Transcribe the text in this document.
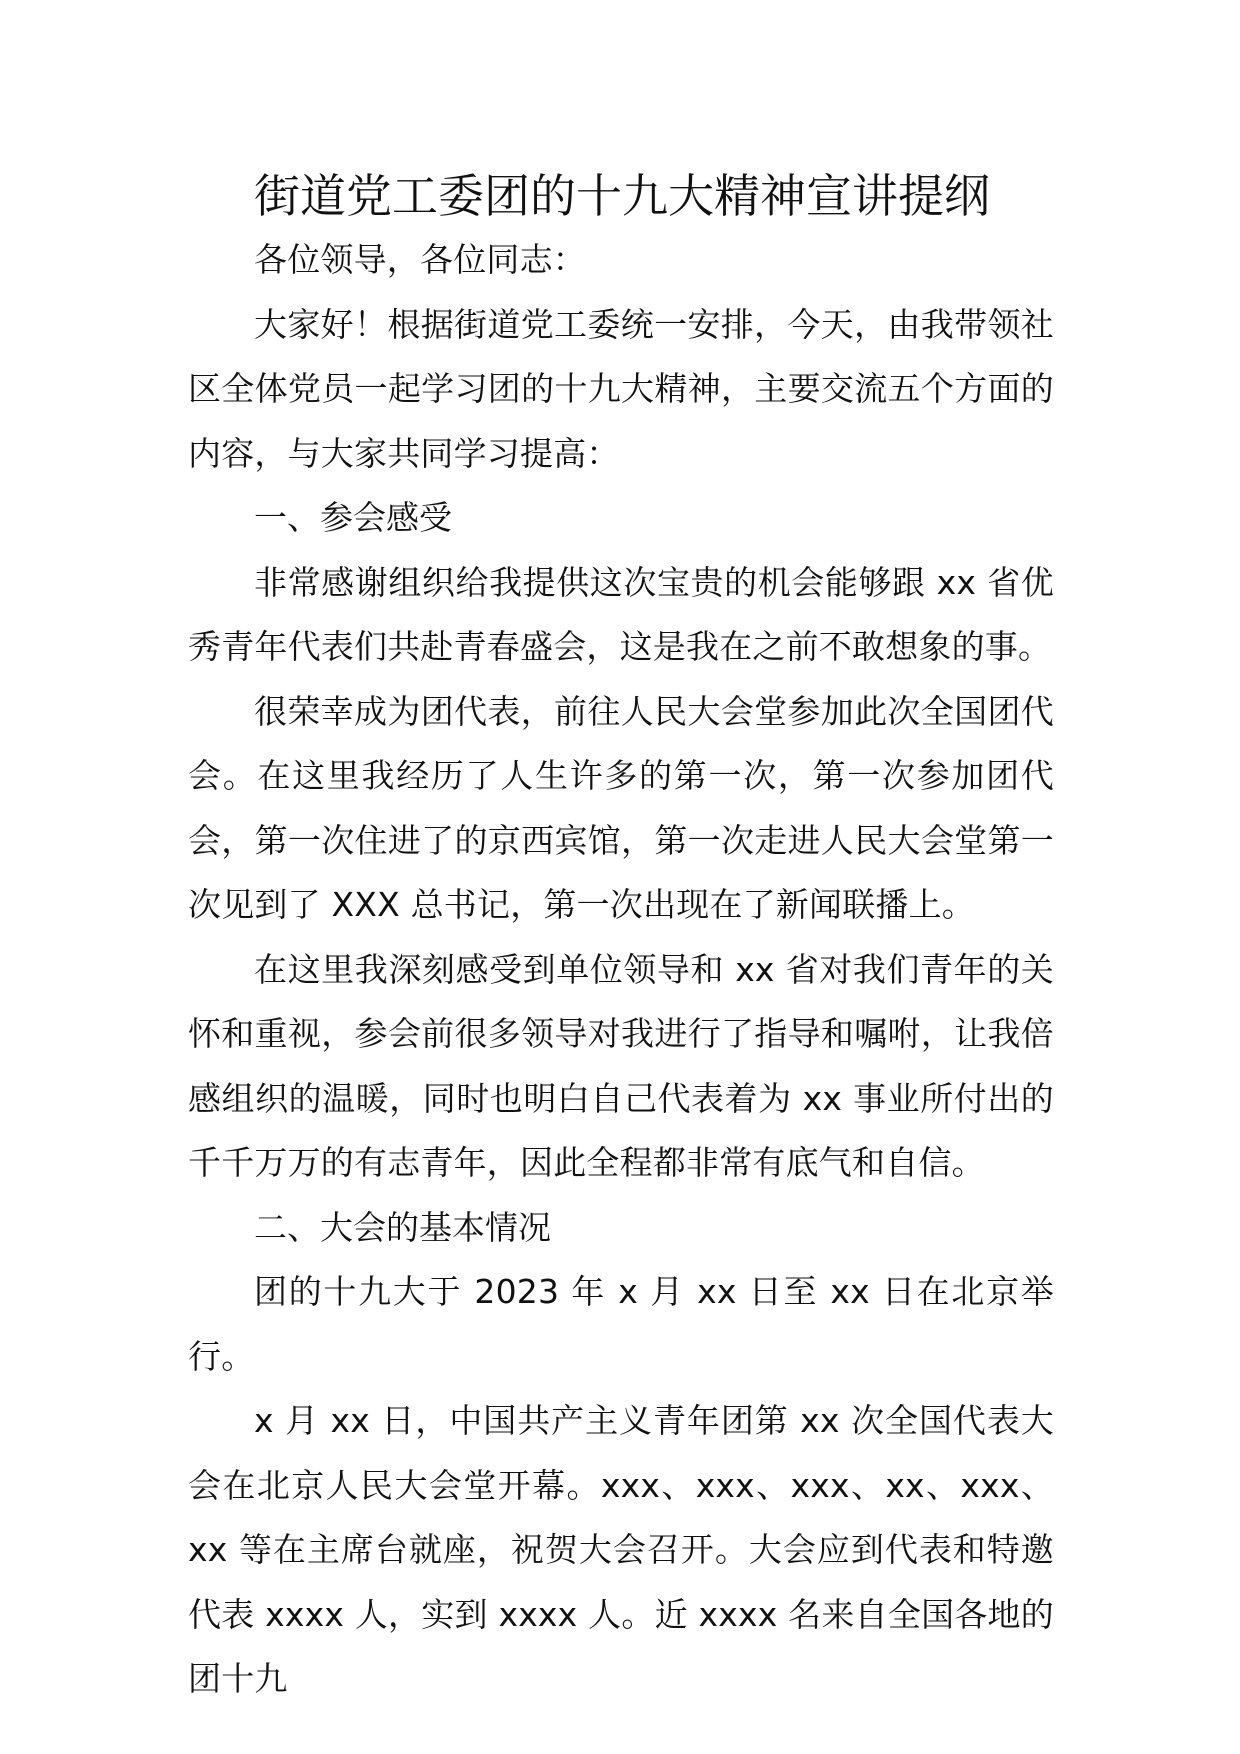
街道党工委团的十九大精神宣讲提纲

各位领导，各位同志：

大家好！根据街道党工委统一安排，今天，由我带领社区全体党员一起学习团的十九大精神，主要交流五个方面的内容，与大家共同学习提高：

一、参会感受

非常感谢组织给我提供这次宝贵的机会能够跟 xx 省优秀青年代表们共赴青春盛会，这是我在之前不敢想象的事。

很荣幸成为团代表，前往人民大会堂参加此次全国团代会。在这里我经历了人生许多的第一次，第一次参加团代会，第一次住进了的京西宾馆，第一次走进人民大会堂第一次见到了 XXX 总书记，第一次出现在了新闻联播上。

在这里我深刻感受到单位领导和 xx 省对我们青年的关怀和重视，参会前很多领导对我进行了指导和嘱咐，让我倍感组织的温暖，同时也明白自己代表着为 xx 事业所付出的千千万万的有志青年，因此全程都非常有底气和自信。

二、大会的基本情况

团的十九大于 2023 年 x 月 xx 日至 xx 日在北京举行。

x 月 xx 日，中国共产主义青年团第 xx 次全国代表大会在北京人民大会堂开幕。xxx、xxx、xxx、xx、xxx、xx 等在主席台就座，祝贺大会召开。大会应到代表和特邀代表 xxxx 人，实到 xxxx 人。近 xxxx 名来自全国各地的团十九
